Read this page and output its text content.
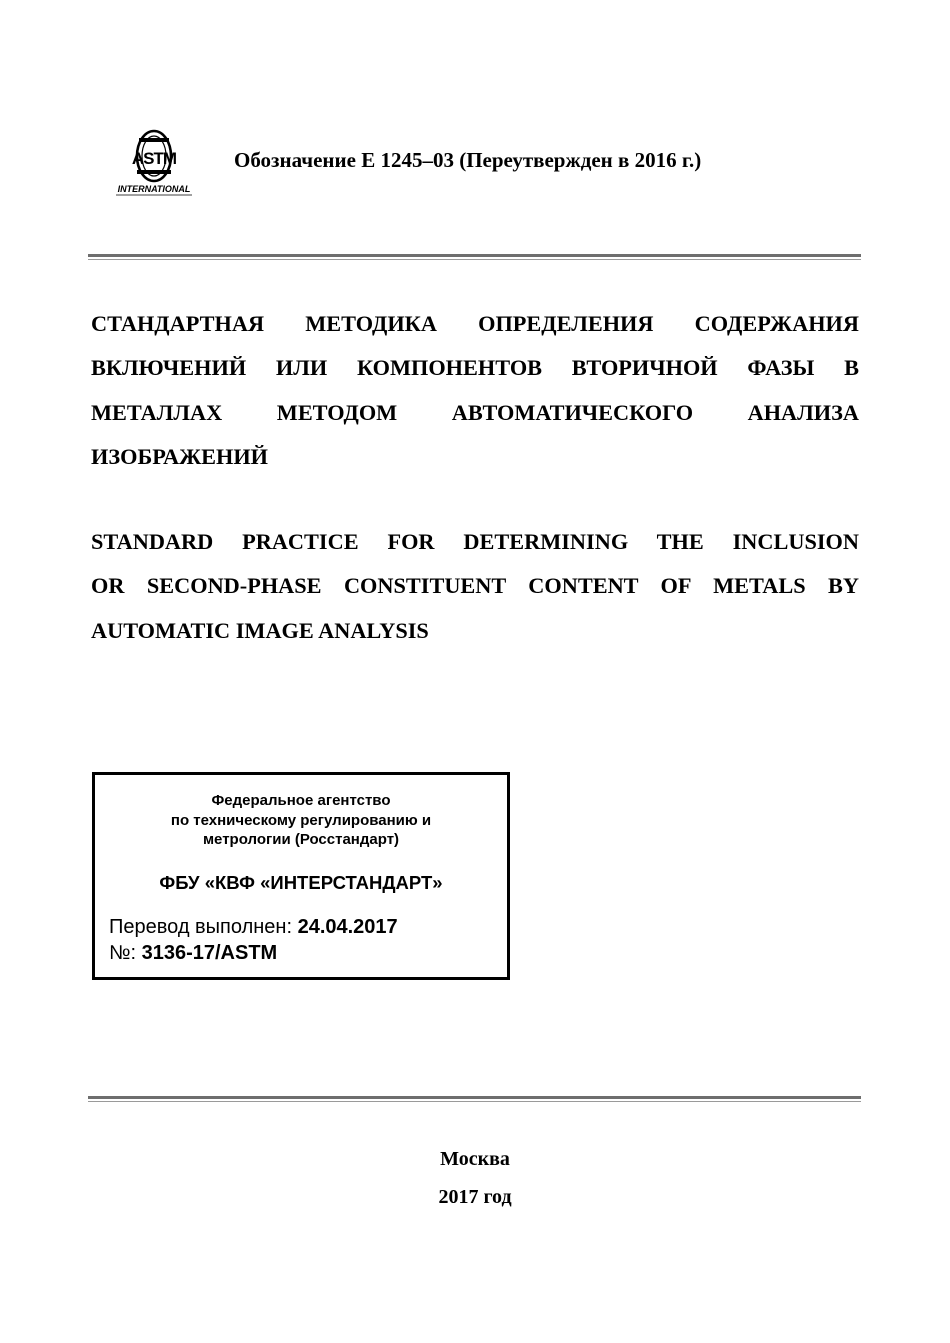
ASTM
INTERNATIONAL
Обозначение E 1245–03 (Переутвержден в 2016 г.)
СТАНДАРТНАЯ МЕТОДИКА ОПРЕДЕЛЕНИЯ СОДЕРЖАНИЯ
ВКЛЮЧЕНИЙ ИЛИ КОМПОНЕНТОВ ВТОРИЧНОЙ ФАЗЫ В
МЕТАЛЛАХ МЕТОДОМ АВТОМАТИЧЕСКОГО АНАЛИЗА
ИЗОБРАЖЕНИЙ
STANDARD PRACTICE FOR DETERMINING THE INCLUSION
OR SECOND-PHASE CONSTITUENT CONTENT OF METALS BY
AUTOMATIC IMAGE ANALYSIS
Федеральное агентство
по техническому регулированию и
метрологии (Росстандарт)
ФБУ «КВФ «ИНТЕРСТАНДАРТ»
Перевод выполнен: 24.04.2017
№: 3136-17/ASTM
Москва
2017 год
